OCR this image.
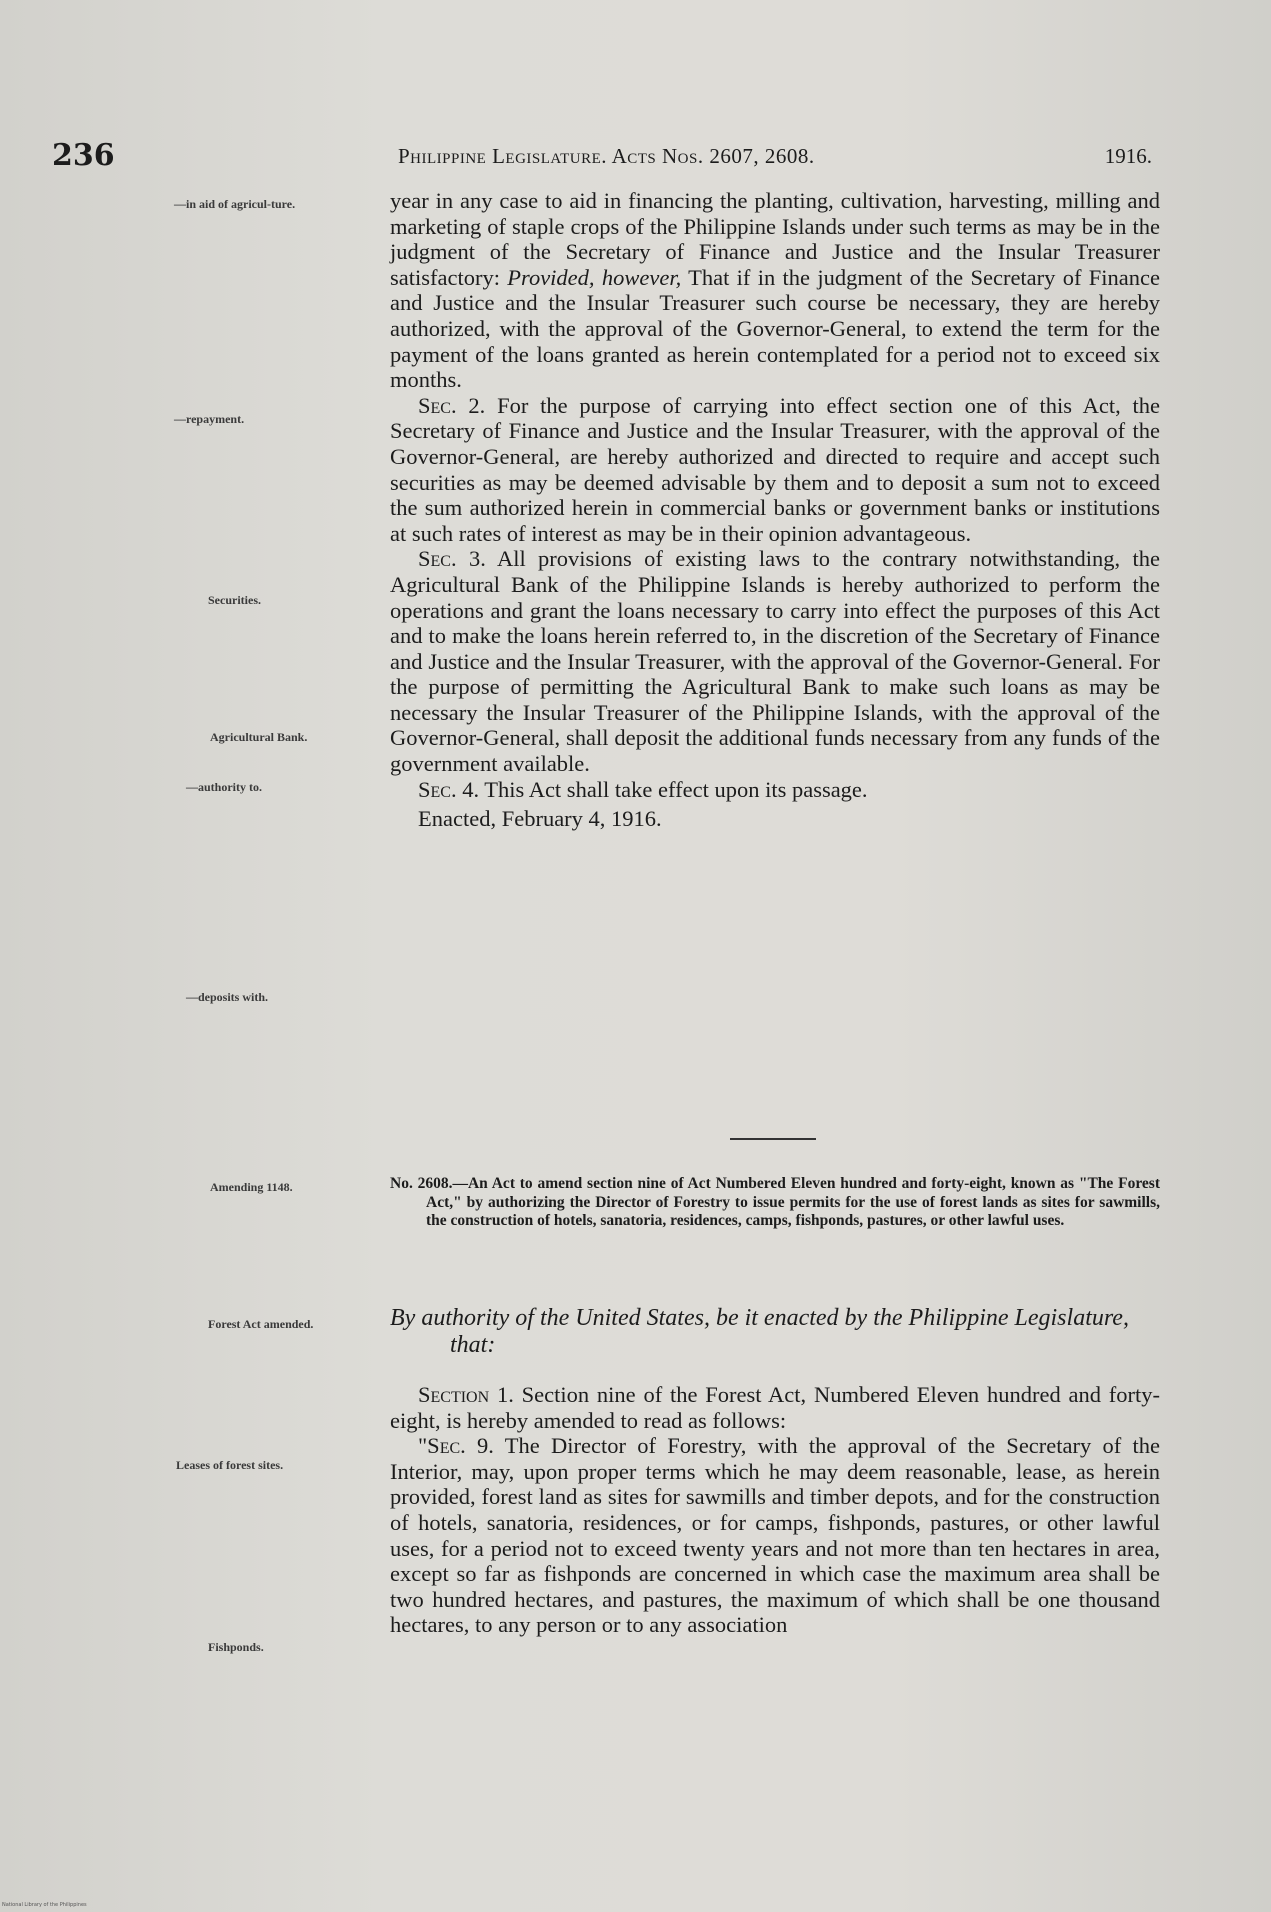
236	Philippine Legislature. Acts Nos. 2607, 2608.	1916.
—in aid of agricul-ture.
—repayment.
Securities.
Agricultural Bank.
—authority to.
—deposits with.
Amending 1148.
Forest Act amended.
Leases of forest sites.
Fishponds.

year in any case to aid in financing the planting, cultivation, harvesting, milling and marketing of staple crops of the Philippine Islands under such terms as may be in the judgment of the Secretary of Finance and Justice and the Insular Treasurer satisfactory: Provided, however, That if in the judgment of the Secretary of Finance and Justice and the Insular Treasurer such course be necessary, they are hereby authorized, with the approval of the Governor-General, to extend the term for the payment of the loans granted as herein contemplated for a period not to exceed six months.

Sec. 2. For the purpose of carrying into effect section one of this Act, the Secretary of Finance and Justice and the Insular Treasurer, with the approval of the Governor-General, are hereby authorized and directed to require and accept such securities as may be deemed advisable by them and to deposit a sum not to exceed the sum authorized herein in commercial banks or government banks or institutions at such rates of interest as may be in their opinion advantageous.

Sec. 3. All provisions of existing laws to the contrary notwithstanding, the Agricultural Bank of the Philippine Islands is hereby authorized to perform the operations and grant the loans necessary to carry into effect the purposes of this Act and to make the loans herein referred to, in the discretion of the Secretary of Finance and Justice and the Insular Treasurer, with the approval of the Governor-General. For the purpose of permitting the Agricultural Bank to make such loans as may be necessary the Insular Treasurer of the Philippine Islands, with the approval of the Governor-General, shall deposit the additional funds necessary from any funds of the government available.

Sec. 4. This Act shall take effect upon its passage.

Enacted, February 4, 1916.

No. 2608.—An Act to amend section nine of Act Numbered Eleven hundred and forty-eight, known as "The Forest Act," by authorizing the Director of Forestry to issue permits for the use of forest lands as sites for sawmills, the construction of hotels, sanatoria, residences, camps, fishponds, pastures, or other lawful uses.

By authority of the United States, be it enacted by the Philippine Legislature, that:

Section 1. Section nine of the Forest Act, Numbered Eleven hundred and forty-eight, is hereby amended to read as follows:

"Sec. 9. The Director of Forestry, with the approval of the Secretary of the Interior, may, upon proper terms which he may deem reasonable, lease, as herein provided, forest land as sites for sawmills and timber depots, and for the construction of hotels, sanatoria, residences, or for camps, fishponds, pastures, or other lawful uses, for a period not to exceed twenty years and not more than ten hectares in area, except so far as fishponds are concerned in which case the maximum area shall be two hundred hectares, and pastures, the maximum of which shall be one thousand hectares, to any person or to any association

National Library of the Philippines
